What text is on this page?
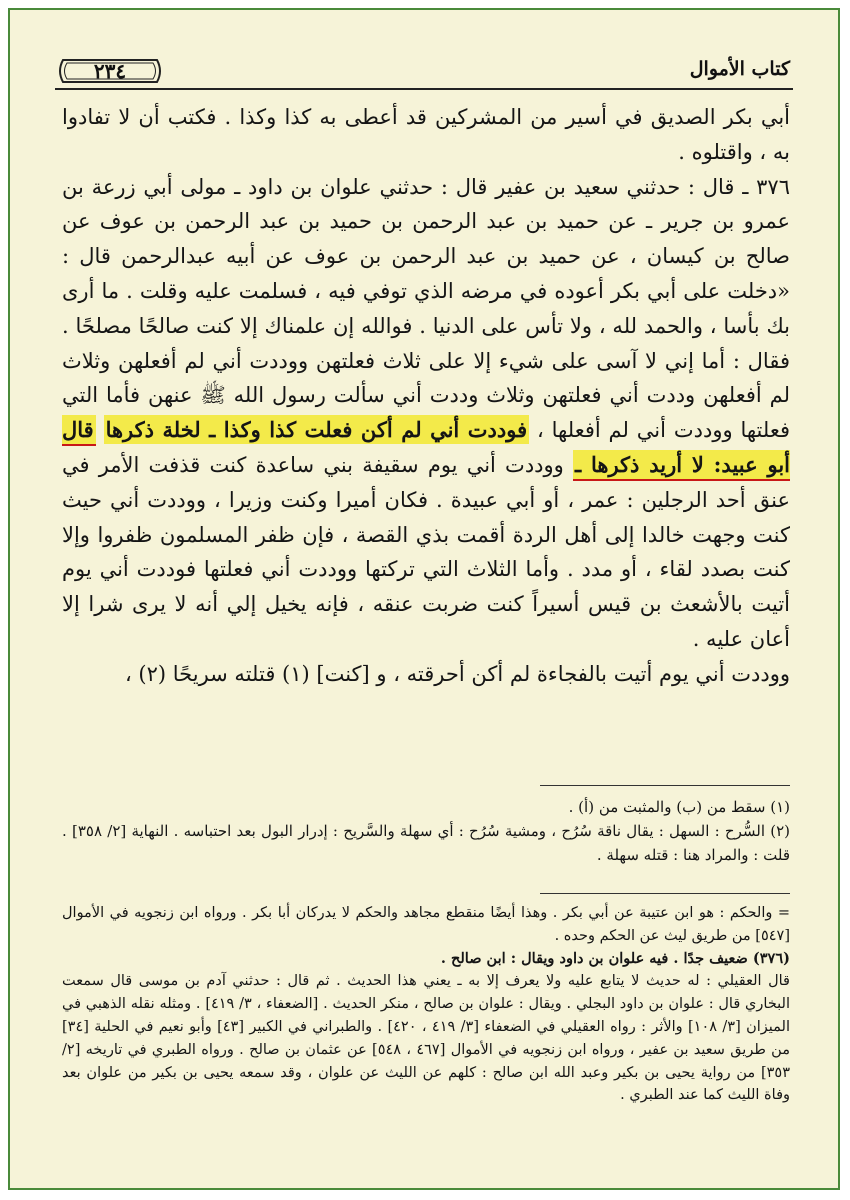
كتاب الأموال
٢٣٤

أبي بكر الصديق في أسير من المشركين قد أعطى به كذا وكذا . فكتب أن لا تفادوا به ، واقتلوه .

٣٧٦ ـ قال : حدثني سعيد بن عفير قال : حدثني علوان بن داود ـ مولى أبي زرعة بن عمرو بن جرير ـ عن حميد بن عبد الرحمن بن حميد بن عبد الرحمن بن عوف عن صالح بن كيسان ، عن حميد بن عبد الرحمن بن عوف عن أبيه عبدالرحمن قال : «دخلت على أبي بكر أعوده في مرضه الذي توفي فيه ، فسلمت عليه وقلت . ما أرى بك بأسا ، والحمد لله ، ولا تأس على الدنيا . فوالله إن علمناك إلا كنت صالحًا مصلحًا . فقال : أما إني لا آسى على شيء إلا على ثلاث فعلتهن ووددت أني لم أفعلهن وثلاث لم أفعلهن وددت أني فعلتهن وثلاث وددت أني سألت رسول الله ﷺ عنهن فأما التي فعلتها ووددت أني لم أفعلها ، فوددت أني لم أكن فعلت كذا وكذا ـ لخلة ذكرها قال أبو عبيد: لا أريد ذكرها ـ ووددت أني يوم سقيفة بني ساعدة كنت قذفت الأمر في عنق أحد الرجلين : عمر ، أو أبي عبيدة . فكان أميرا وكنت وزيرا ، ووددت أني حيث كنت وجهت خالدا إلى أهل الردة أقمت بذي القصة ، فإن ظفر المسلمون ظفروا وإلا كنت بصدد لقاء ، أو مدد . وأما الثلاث التي تركتها ووددت أني فعلتها فوددت أني يوم أتيت بالأشعث بن قيس أسيراً كنت ضربت عنقه ، فإنه يخيل إلي أنه لا يرى شرا إلا أعان عليه .

ووددت أني يوم أتيت بالفجاءة لم أكن أحرقته ، و [كنت] (١) قتلته سريحًا (٢) ،

(١) سقط من (ب) والمثبت من (أ) .

(٢) السُّرح : السهل : يقال ناقة سُرُح ، ومشية سُرُح : أي سهلة والسَّريح : إدرار البول بعد احتباسه . النهاية [٢/ ٣٥٨] . قلت : والمراد هنا : قتله سهلة .

= والحكم : هو ابن عتيبة عن أبي بكر . وهذا أيضًا منقطع مجاهد والحكم لا يدركان أبا بكر . ورواه ابن زنجويه في الأموال [٥٤٧] من طريق ليث عن الحكم وحده .

(٣٧٦) ضعيف جدًا . فيه علوان بن داود ويقال : ابن صالح .

قال العقيلي : له حديث لا يتابع عليه ولا يعرف إلا به ـ يعني هذا الحديث . ثم قال : حدثني آدم بن موسى قال سمعت البخاري قال : علوان بن داود البجلي . ويقال : علوان بن صالح ، منكر الحديث . [الضعفاء ، ٣/ ٤١٩] . ومثله نقله الذهبي في الميزان [٣/ ١٠٨] والأثر : رواه العقيلي في الضعفاء [٣/ ٤١٩ ، ٤٢٠] . والطبراني في الكبير [٤٣] وأبو نعيم في الحلية [٣٤] من طريق سعيد بن عفير ، ورواه ابن زنجويه في الأموال [٤٦٧ ، ٥٤٨] عن عثمان بن صالح . ورواه الطبري في تاريخه [٢/ ٣٥٣] من رواية يحيى بن بكير وعبد الله ابن صالح : كلهم عن الليث عن علوان ، وقد سمعه يحيى بن بكير من علوان بعد وفاة الليث كما عند الطبري .
